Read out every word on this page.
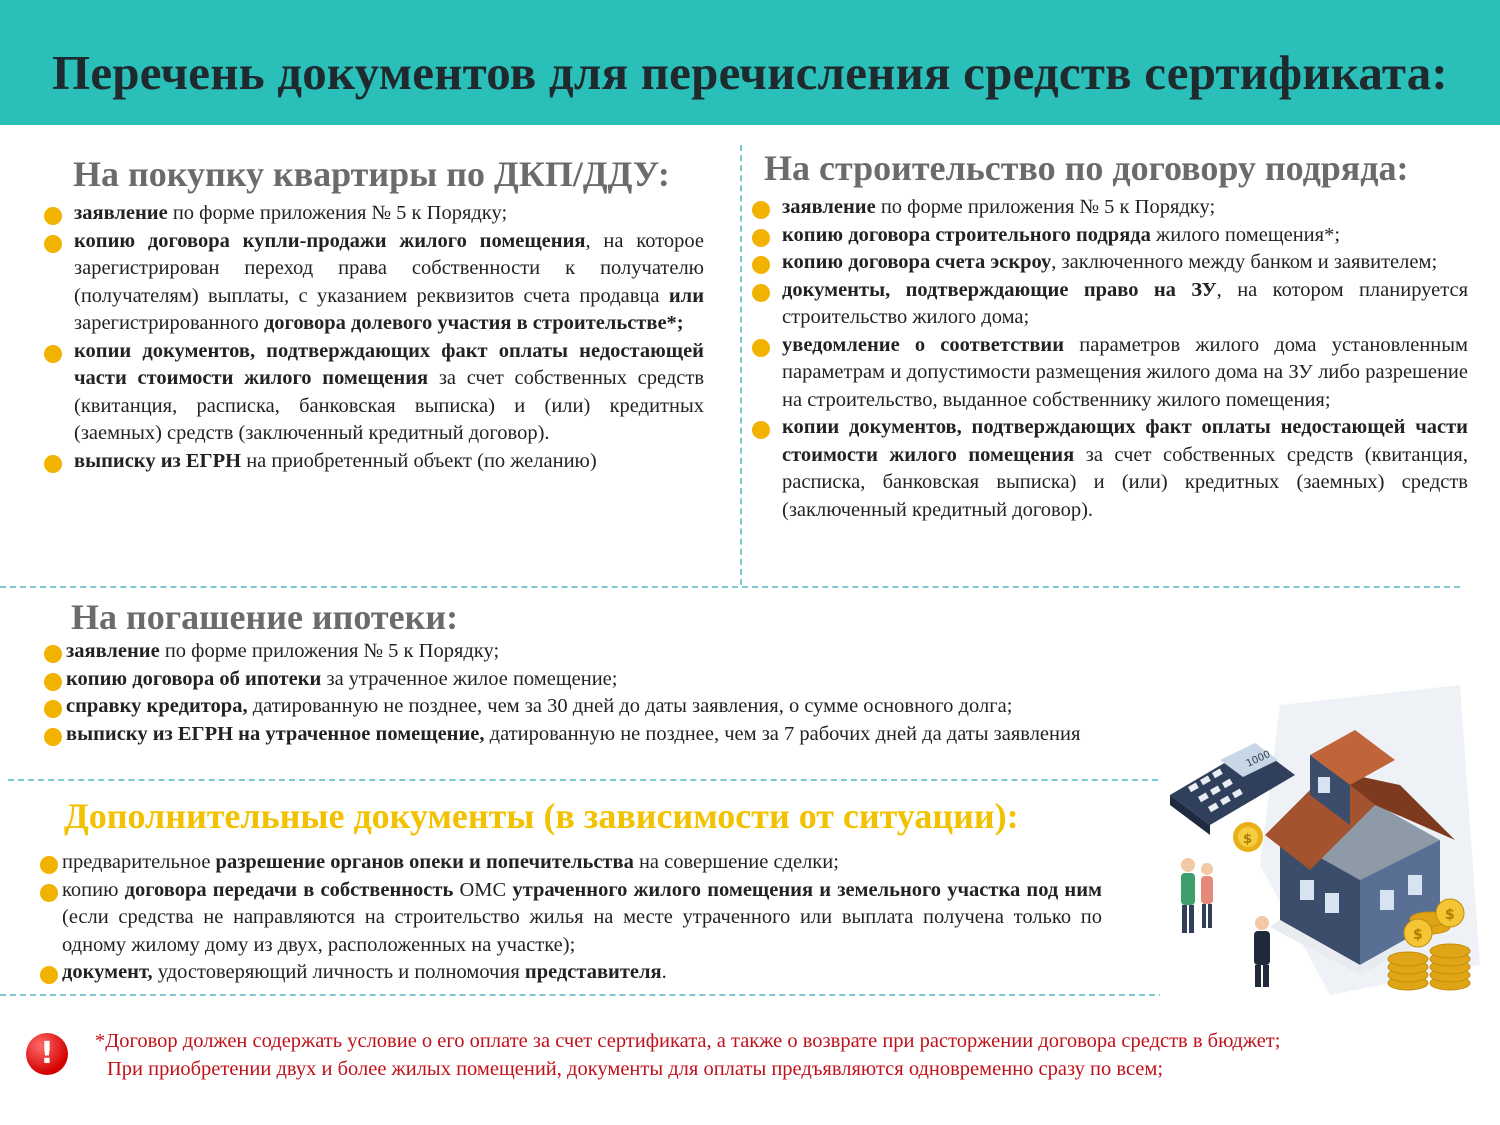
Перечень документов для перечисления средств сертификата:
На покупку квартиры по ДКП/ДДУ:
заявление по форме приложения № 5 к Порядку;
копию договора купли-продажи жилого помещения, на которое зарегистрирован переход права собственности к получателю (получателям) выплаты, с указанием реквизитов счета продавца или зарегистрированного договора долевого участия в строительстве*;
копии документов, подтверждающих факт оплаты недостающей части стоимости жилого помещения за счет собственных средств (квитанция, расписка, банковская выписка) и (или) кредитных (заемных) средств (заключенный кредитный договор).
выписку из ЕГРН на приобретенный объект (по желанию)
На строительство по договору подряда:
заявление по форме приложения № 5 к Порядку;
копию договора строительного подряда жилого помещения*;
копию договора счета эскроу, заключенного между банком и заявителем;
документы, подтверждающие право на ЗУ, на котором планируется строительство жилого дома;
уведомление о соответствии параметров жилого дома установленным параметрам и допустимости размещения жилого дома на ЗУ либо разрешение на строительство, выданное собственнику жилого помещения;
копии документов, подтверждающих факт оплаты недостающей части стоимости жилого помещения за счет собственных средств (квитанция, расписка, банковская выписка) и (или) кредитных (заемных) средств (заключенный кредитный договор).
На погашение ипотеки:
заявление по форме приложения № 5 к Порядку;
копию договора об ипотеки за утраченное жилое помещение;
справку кредитора, датированную не позднее, чем за 30 дней до даты заявления, о сумме основного долга;
выписку из ЕГРН на утраченное помещение, датированную не позднее, чем за 7 рабочих дней да даты заявления
Дополнительные документы (в зависимости от ситуации):
предварительное разрешение органов опеки и попечительства на совершение сделки;
копию договора передачи в собственность ОМС утраченного жилого помещения и земельного участка под ним (если средства не направляются на строительство жилья на месте утраченного или выплата получена только по одному жилому дому из двух, расположенных на участке);
документ, удостоверяющий личность и полномочия представителя.
1000
$
$
$
!	*Договор должен содержать условие о его оплате за счет сертификата, а также о возврате при расторжении договора средств в бюджет;

При приобретении двух и более жилых помещений, документы для оплаты предъявляются одновременно сразу по всем;
